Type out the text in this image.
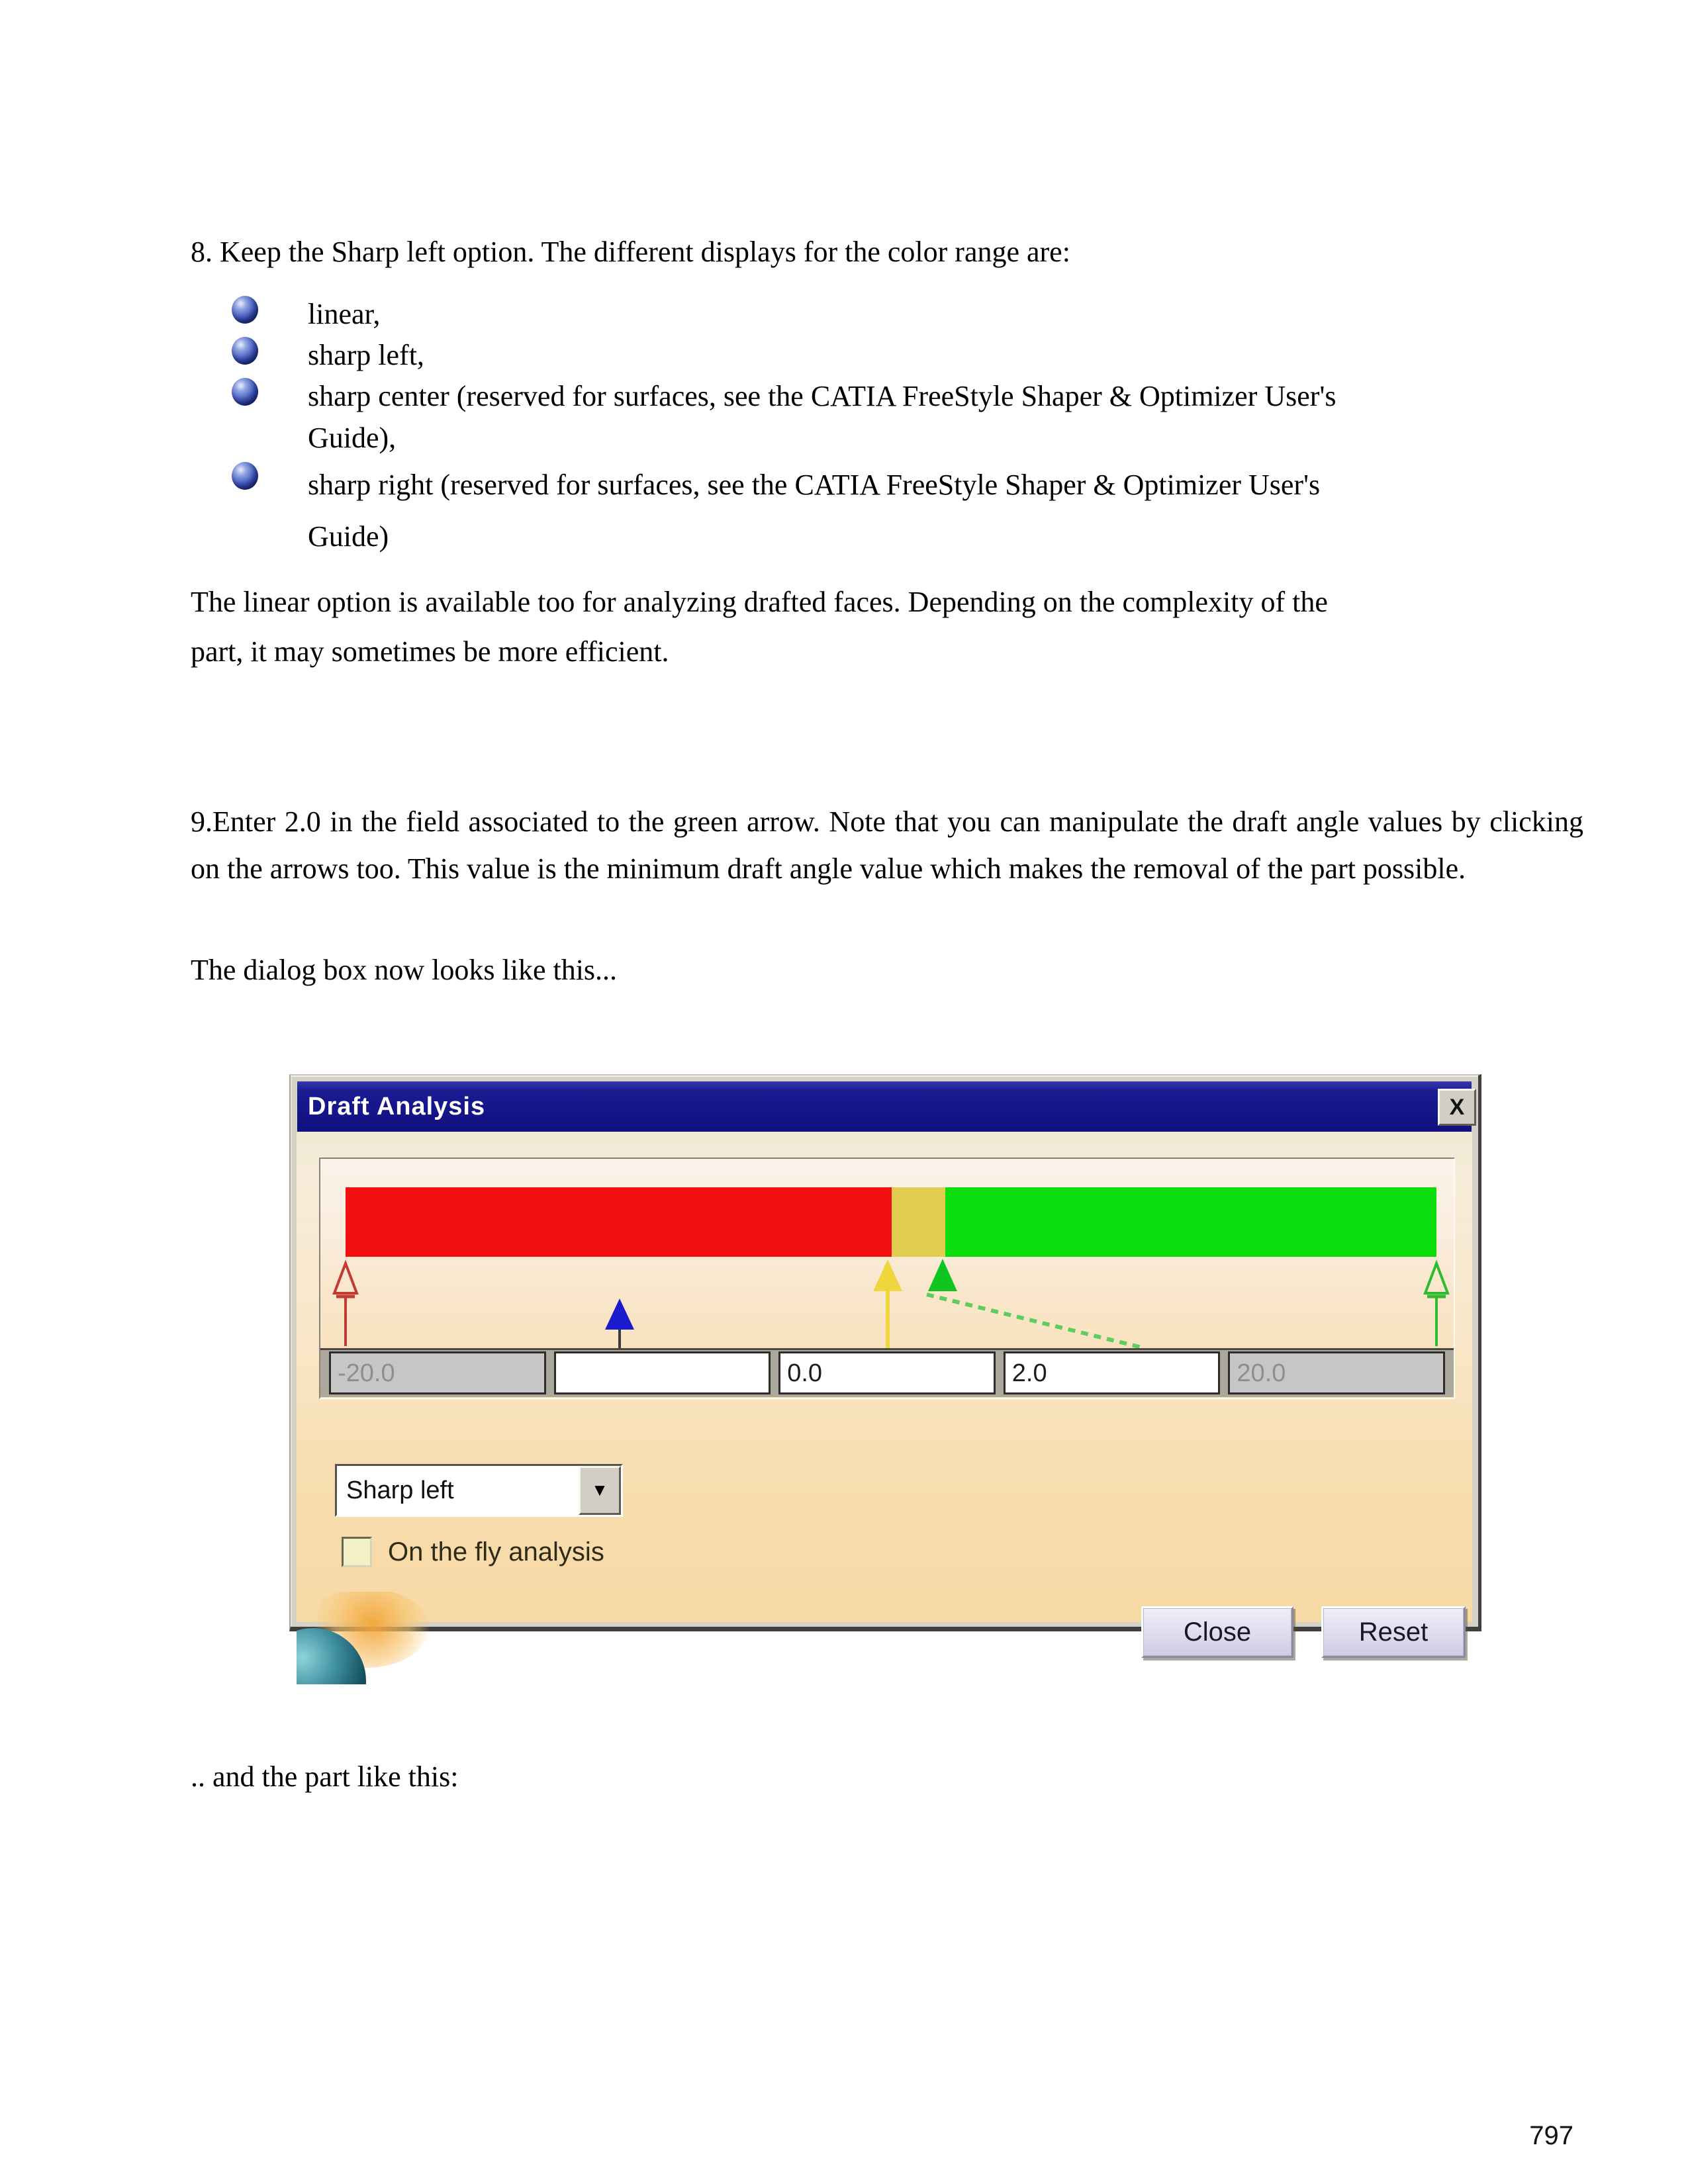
8. Keep the Sharp left option. The different displays for the color range are:
linear,
sharp left,
sharp center (reserved for surfaces, see the CATIA FreeStyle Shaper & Optimizer User's Guide),
sharp right (reserved for surfaces, see the CATIA FreeStyle Shaper & Optimizer User's Guide)
The linear option is available too for analyzing drafted faces. Depending on the complexity of the part, it may sometimes be more efficient.
9.Enter 2.0 in the field associated to the green arrow. Note that you can manipulate the draft angle values by clicking on the arrows too. This value is the minimum draft angle value which makes the removal of the part possible.
The dialog box now looks like this...
Draft Analysis	X
-20.0	0.0	2.0	20.0
Sharp left	▼
On the fly analysis
Close	Reset
.. and the part like this:
797
